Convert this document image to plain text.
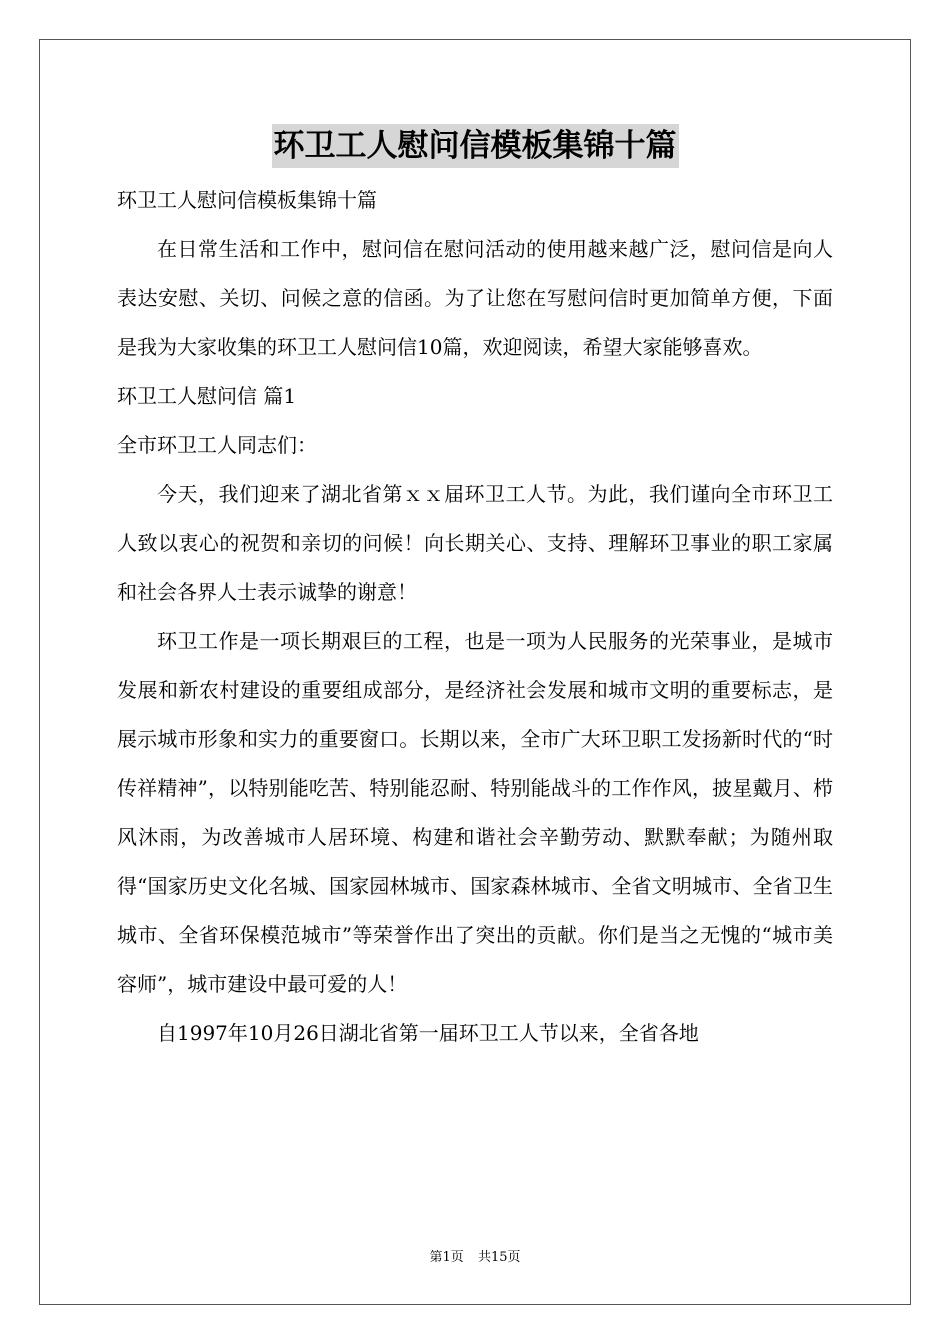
环卫工人慰问信模板集锦十篇

环卫工人慰问信模板集锦十篇

在日常生活和工作中，慰问信在慰问活动的使用越来越广泛，慰问信是向人表达安慰、关切、问候之意的信函。为了让您在写慰问信时更加简单方便，下面是我为大家收集的环卫工人慰问信10篇，欢迎阅读，希望大家能够喜欢。

环卫工人慰问信 篇1

全市环卫工人同志们：

今天，我们迎来了湖北省第ｘｘ届环卫工人节。为此，我们谨向全市环卫工人致以衷心的祝贺和亲切的问候！向长期关心、支持、理解环卫事业的职工家属和社会各界人士表示诚挚的谢意！

环卫工作是一项长期艰巨的工程，也是一项为人民服务的光荣事业，是城市发展和新农村建设的重要组成部分，是经济社会发展和城市文明的重要标志，是展示城市形象和实力的重要窗口。长期以来，全市广大环卫职工发扬新时代的“时传祥精神”，以特别能吃苦、特别能忍耐、特别能战斗的工作作风，披星戴月、栉风沐雨，为改善城市人居环境、构建和谐社会辛勤劳动、默默奉献；为随州取得“国家历史文化名城、国家园林城市、国家森林城市、全省文明城市、全省卫生城市、全省环保模范城市”等荣誉作出了突出的贡献。你们是当之无愧的“城市美容师”，城市建设中最可爱的人！

自1997年10月26日湖北省第一届环卫工人节以来，全省各地

第1页 共15页
